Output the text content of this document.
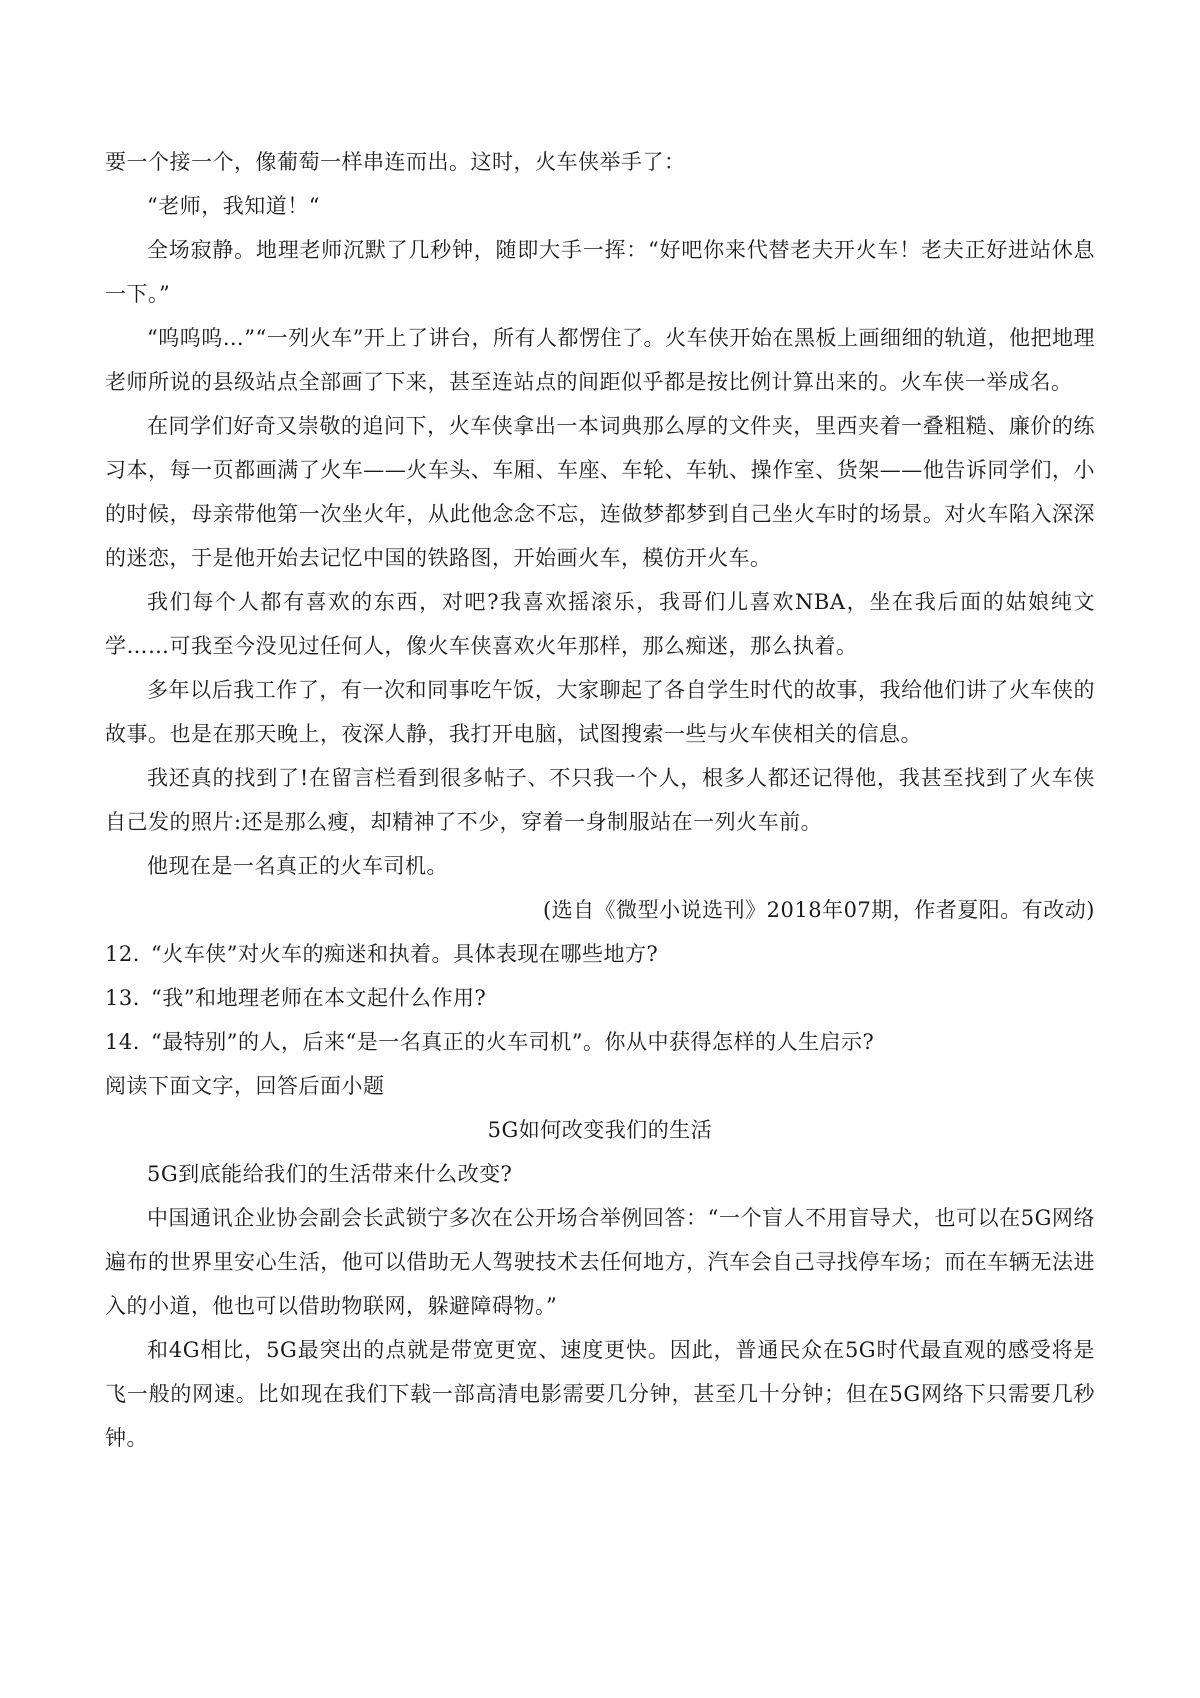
要一个接一个，像葡萄一样串连而出。这时，火车侠举手了：

“老师，我知道！“

全场寂静。地理老师沉默了几秒钟，随即大手一挥：“好吧你来代替老夫开火车！老夫正好进站休息一下。”

“呜呜呜…”“一列火车”开上了讲台，所有人都愣住了。火车侠开始在黑板上画细细的轨道，他把地理老师所说的县级站点全部画了下来，甚至连站点的间距似乎都是按比例计算出来的。火车侠一举成名。

在同学们好奇又崇敬的追问下，火车侠拿出一本词典那么厚的文件夹，里西夹着一叠粗糙、廉价的练习本，每一页都画满了火车——火车头、车厢、车座、车轮、车轨、操作室、货架——他告诉同学们，小的时候，母亲带他第一次坐火年，从此他念念不忘，连做梦都梦到自己坐火车时的场景。对火车陷入深深的迷恋，于是他开始去记忆中国的铁路图，开始画火车，模仿开火车。

我们每个人都有喜欢的东西，对吧?我喜欢摇滚乐，我哥们儿喜欢NBA，坐在我后面的姑娘纯文学……可我至今没见过任何人，像火车侠喜欢火年那样，那么痴迷，那么执着。

多年以后我工作了，有一次和同事吃午饭，大家聊起了各自学生时代的故事，我给他们讲了火车侠的故事。也是在那天晚上，夜深人静，我打开电脑，试图搜索一些与火车侠相关的信息。

我还真的找到了!在留言栏看到很多帖子、不只我一个人，根多人都还记得他，我甚至找到了火车侠自己发的照片:还是那么瘦，却精神了不少，穿着一身制服站在一列火车前。

他现在是一名真正的火车司机。

(选自《微型小说选刊》2018年07期，作者夏阳。有改动)
12. “火车侠”对火车的痴迷和执着。具体表现在哪些地方?
13. “我”和地理老师在本文起什么作用?
14. “最特别”的人，后来“是一名真正的火车司机”。你从中获得怎样的人生启示?
阅读下面文字，回答后面小题
5G如何改变我们的生活

5G到底能给我们的生活带来什么改变?

中国通讯企业协会副会长武锁宁多次在公开场合举例回答：“一个盲人不用盲导犬，也可以在5G网络遍布的世界里安心生活，他可以借助无人驾驶技术去任何地方，汽车会自己寻找停车场；而在车辆无法进入的小道，他也可以借助物联网，躲避障碍物。”

和4G相比，5G最突出的点就是带宽更宽、速度更快。因此，普通民众在5G时代最直观的感受将是飞一般的网速。比如现在我们下载一部高清电影需要几分钟，甚至几十分钟；但在5G网络下只需要几秒钟。
